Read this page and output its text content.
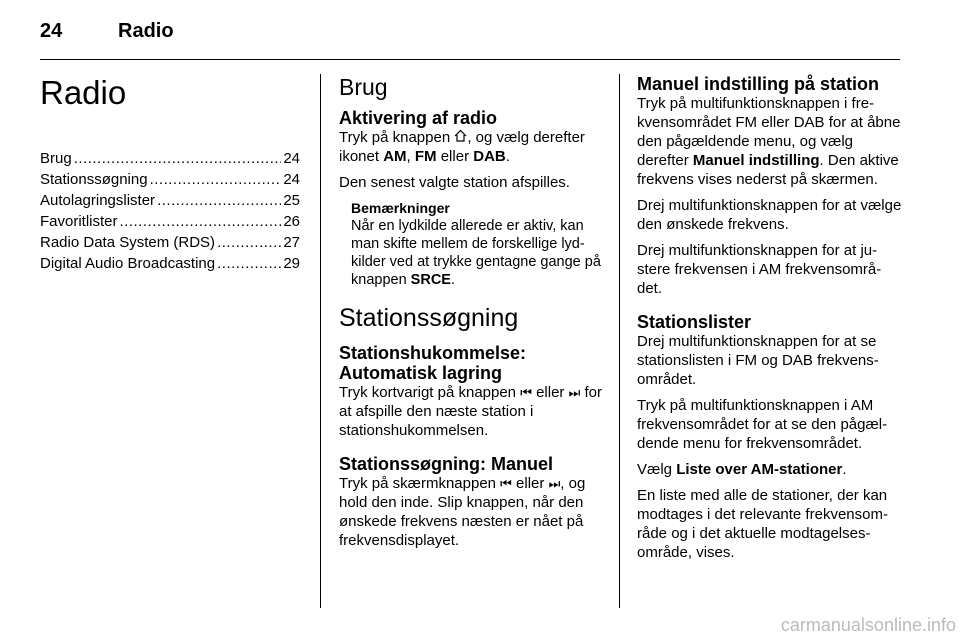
24	Radio
Radio
Brug .....	24
Stationssøgning .....	24
Autolagringslister .....	25
Favoritlister .....	26
Radio Data System (RDS) .....	27
Digital Audio Broadcasting .....	29
Brug
Aktivering af radio

Tryk på knappen , og vælg derefter ikonet AM, FM eller DAB.

Den senest valgte station afspilles.

Bemærkninger

Når en lydkilde allerede er aktiv, kan man skifte mellem de forskellige lyd-kilder ved at trykke gentagne gange på knappen SRCE.

Stationssøgning
Stationshukommelse: Automatisk lagring

Tryk kortvarigt på knappen ⏮ eller ⏭ for at afspille den næste station i stationshukommelsen.

Stationssøgning: Manuel

Tryk på skærmknappen ⏮ eller ⏭, og hold den inde. Slip knappen, når den ønskede frekvens næsten er nået på frekvensdisplayet.

Manuel indstilling på station

Tryk på multifunktionsknappen i fre-kvensområdet FM eller DAB for at åbne den pågældende menu, og vælg derefter Manuel indstilling. Den aktive frekvens vises nederst på skærmen.

Drej multifunktionsknappen for at vælge den ønskede frekvens.

Drej multifunktionsknappen for at ju-stere frekvensen i AM frekvensområ-det.

Stationslister

Drej multifunktionsknappen for at se stationslisten i FM og DAB frekvens-området.

Tryk på multifunktionsknappen i AM frekvensområdet for at se den pågæl-dende menu for frekvensområdet.

Vælg Liste over AM-stationer.

En liste med alle de stationer, der kan modtages i det relevante frekvensom-råde og i det aktuelle modtagelses-område, vises.

carmanualsonline.info
